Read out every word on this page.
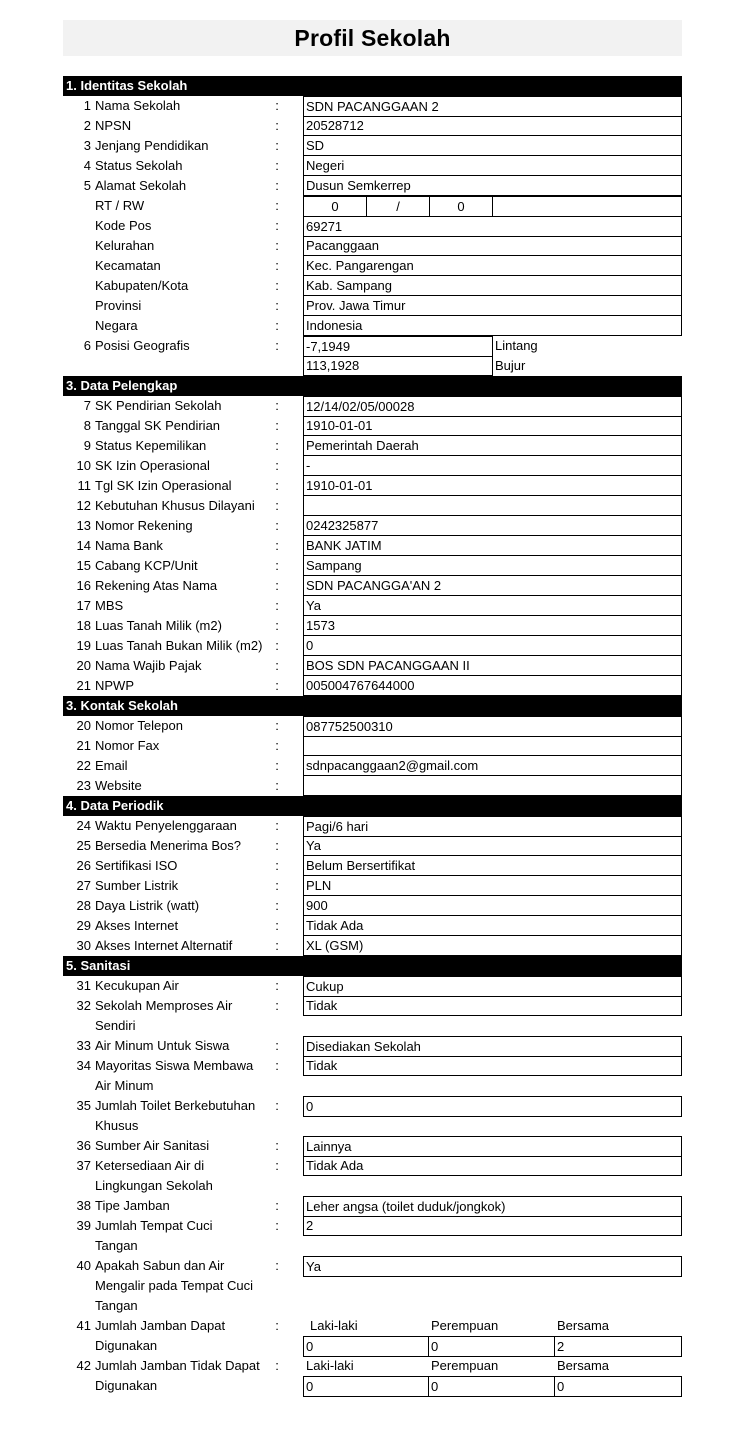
Profil Sekolah
1. Identitas Sekolah
1 Nama Sekolah	: SDN PACANGGAAN 2
2 NPSN	: 20528712
3 Jenjang Pendidikan	: SD
4 Status Sekolah	: Negeri
5 Alamat Sekolah	: Dusun Semkerrep
RT / RW	:	0	/	0
Kode Pos	: 69271
Kelurahan	: Pacanggaan
Kecamatan	: Kec. Pangarengan
Kabupaten/Kota	: Kab. Sampang
Provinsi	: Prov. Jawa Timur
Negara	: Indonesia
6 Posisi Geografis	: -7,1949	Lintang
113,1928	Bujur
3. Data Pelengkap
7 SK Pendirian Sekolah	: 12/14/02/05/00028
8 Tanggal SK Pendirian	: 1910-01-01
9 Status Kepemilikan	: Pemerintah Daerah
10 SK Izin Operasional	: -
11 Tgl SK Izin Operasional	: 1910-01-01
12 Kebutuhan Khusus Dilayani	:
13 Nomor Rekening	: 0242325877
14 Nama Bank	: BANK JATIM
15 Cabang KCP/Unit	: Sampang
16 Rekening Atas Nama	: SDN PACANGGA'AN 2
17 MBS	: Ya
18 Luas Tanah Milik (m2)	: 1573
19 Luas Tanah Bukan Milik (m2) : 0
20 Nama Wajib Pajak	: BOS SDN PACANGGAAN II
21 NPWP	: 005004767644000
3. Kontak Sekolah
20 Nomor Telepon	: 087752500310
21 Nomor Fax	:
22 Email	: sdnpacanggaan2@gmail.com
23 Website	:
4. Data Periodik
24 Waktu Penyelenggaraan	: Pagi/6 hari
25 Bersedia Menerima Bos?	: Ya
26 Sertifikasi ISO	: Belum Bersertifikat
27 Sumber Listrik	: PLN
28 Daya Listrik (watt)	: 900
29 Akses Internet	: Tidak Ada
30 Akses Internet Alternatif	: XL (GSM)
5. Sanitasi
31 Kecukupan Air	: Cukup
32 Sekolah Memproses Air
Sendiri
: Tidak
33 Air Minum Untuk Siswa	: Disediakan Sekolah
34 Mayoritas Siswa Membawa
Air Minum
: Tidak
35 Jumlah Toilet Berkebutuhan
Khusus
: 0
36 Sumber Air Sanitasi	: Lainnya
37 Ketersediaan Air di
Lingkungan Sekolah
: Tidak Ada
38 Tipe Jamban	: Leher angsa (toilet duduk/jongkok)
39 Jumlah Tempat Cuci
Tangan
: 2
40 Apakah Sabun dan Air
Mengalir pada Tempat Cuci
Tangan
: Ya
41 Jumlah Jamban Dapat
Digunakan
: Laki-laki	Perempuan	Bersama
0	0	2
42 Jumlah Jamban Tidak Dapat
Digunakan
: Laki-laki	Perempuan	Bersama
0	0	0
